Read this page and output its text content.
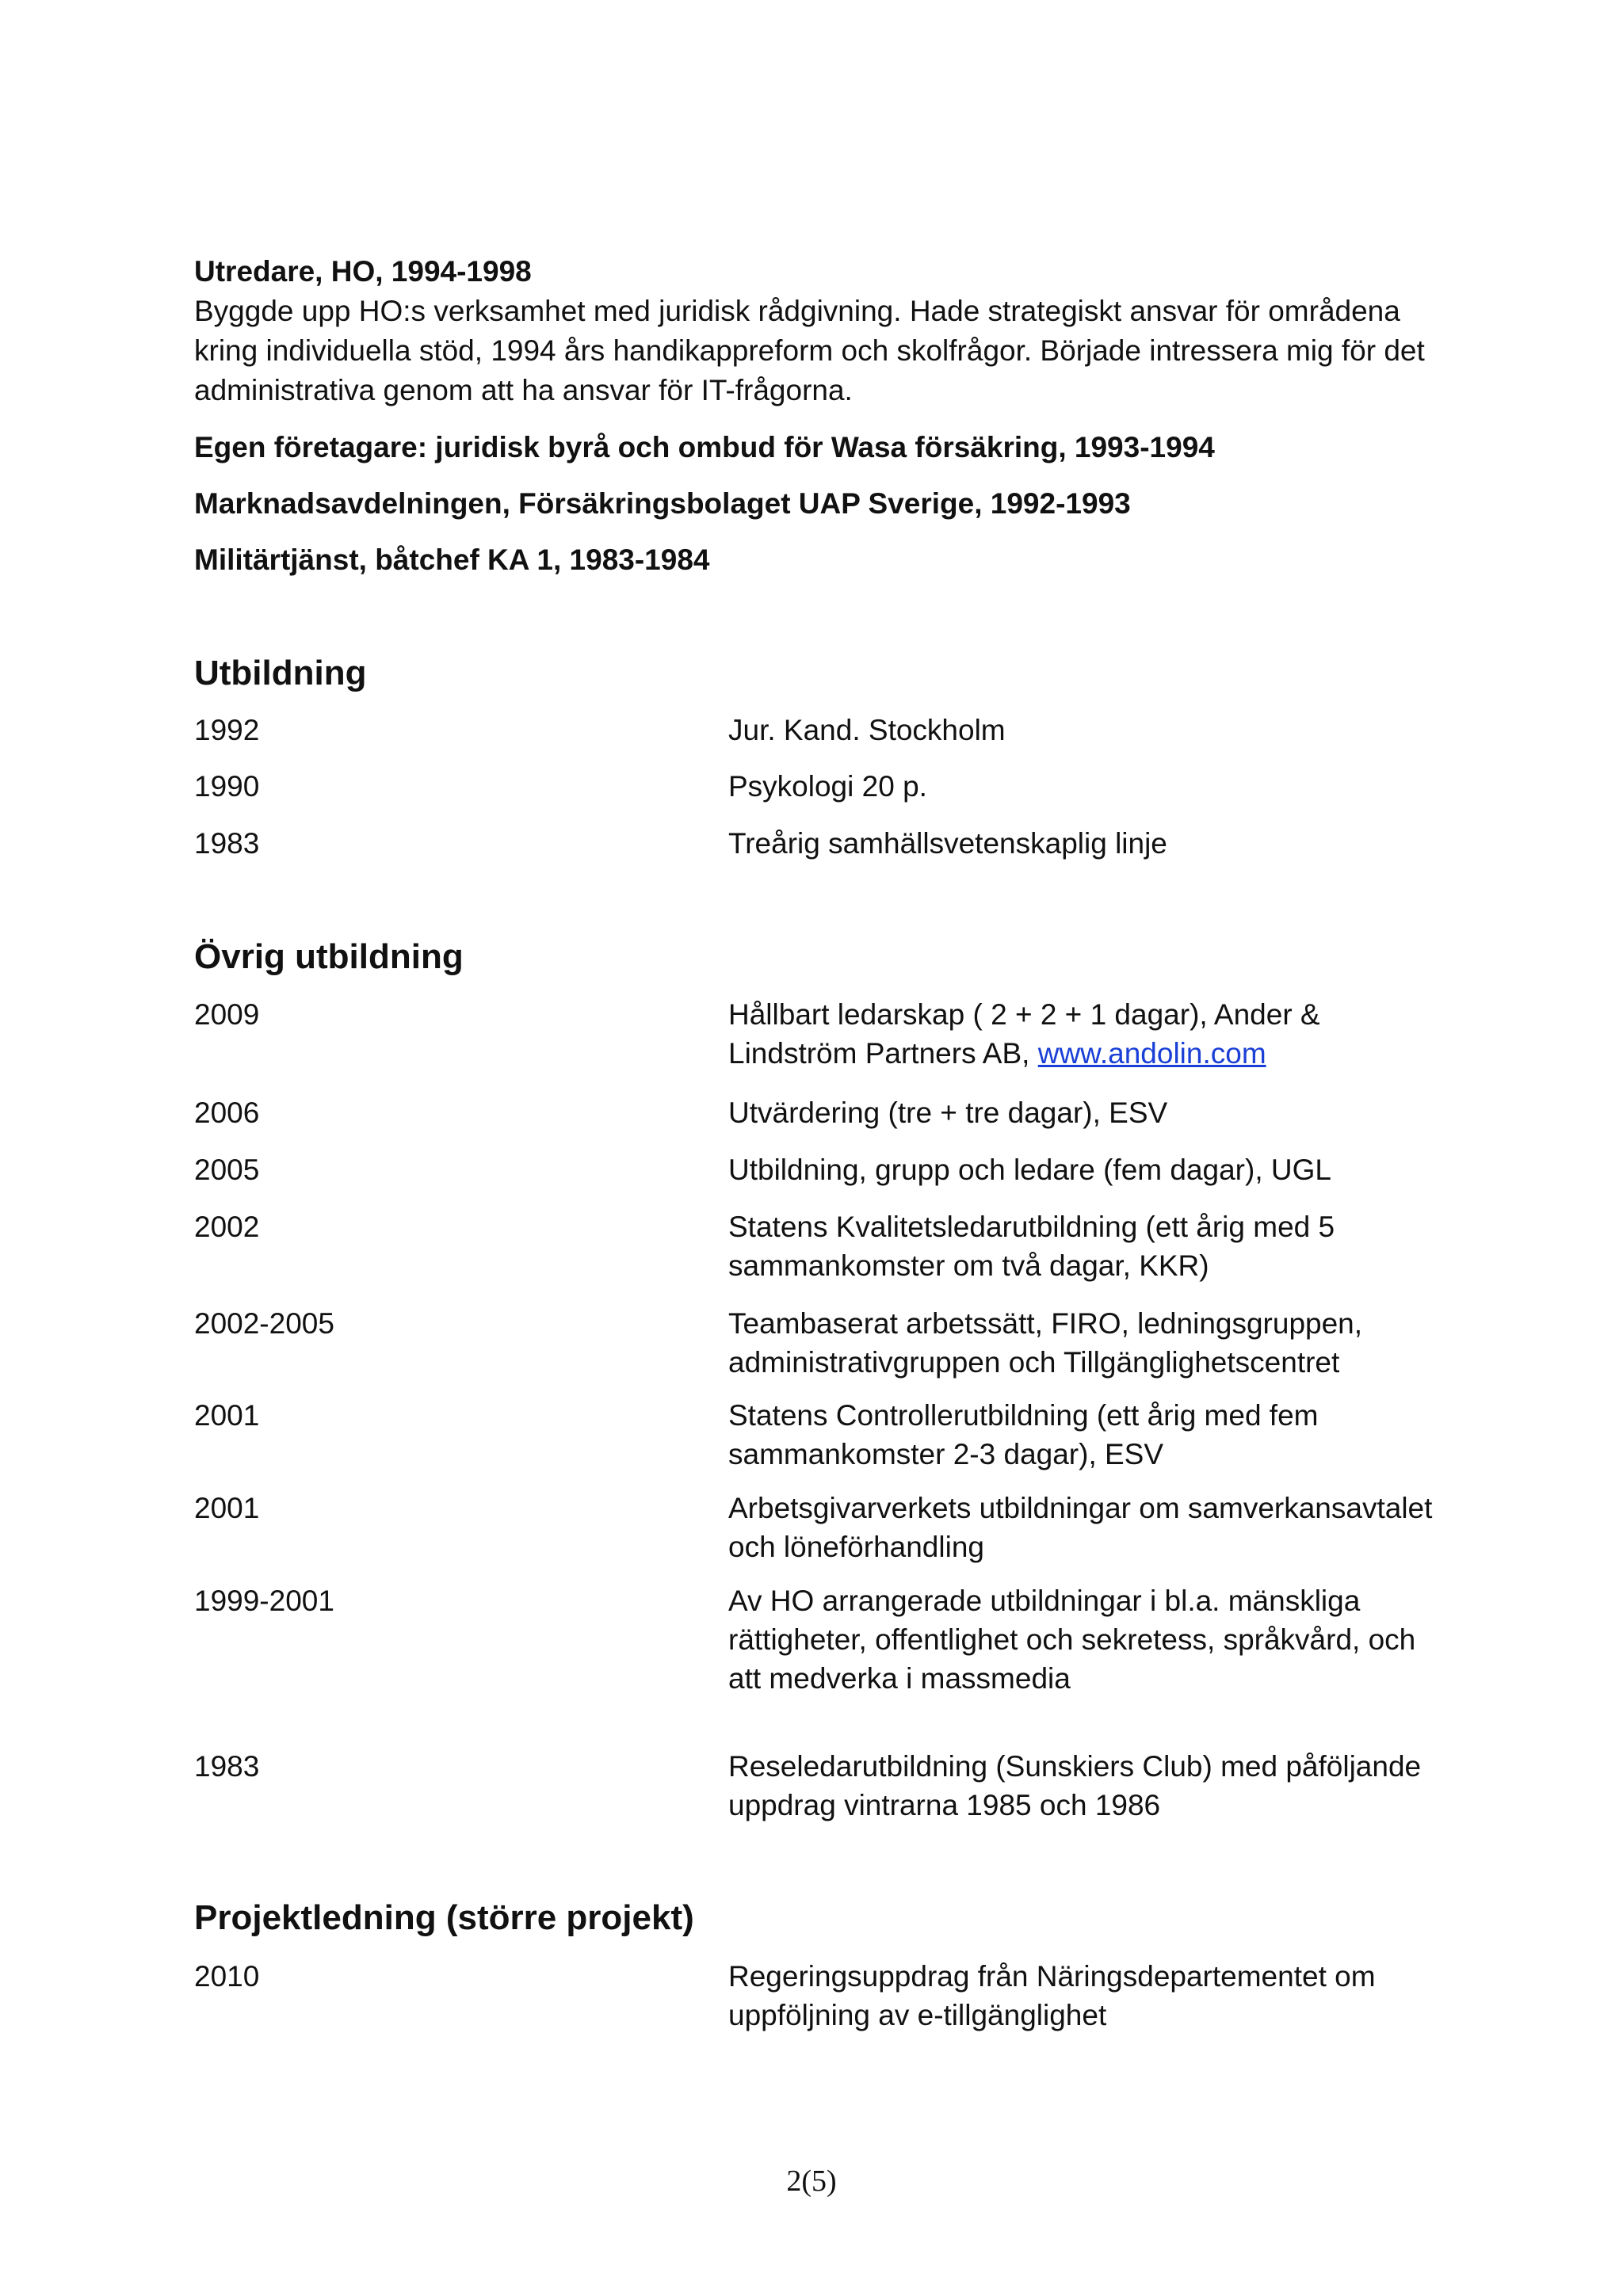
Utredare, HO, 1994-1998

Byggde upp HO:s verksamhet med juridisk rådgivning. Hade strategiskt ansvar för områdena kring individuella stöd, 1994 års handikappreform och skolfrågor. Började intressera mig för det administrativa genom att ha ansvar för IT-frågorna.

Egen företagare: juridisk byrå och ombud för Wasa försäkring, 1993-1994

Marknadsavdelningen, Försäkringsbolaget UAP Sverige, 1992-1993

Militärtjänst, båtchef KA 1, 1983-1984

Utbildning
1992	Jur. Kand. Stockholm
1990	Psykologi 20 p.
1983	Treårig samhällsvetenskaplig linje
Övrig utbildning
2009	Hållbart ledarskap ( 2 + 2 + 1 dagar), Ander & Lindström Partners AB, www.andolin.com
2006	Utvärdering (tre + tre dagar), ESV
2005	Utbildning, grupp och ledare (fem dagar), UGL
2002	Statens Kvalitetsledarutbildning (ett årig med 5 sammankomster om två dagar, KKR)
2002-2005	Teambaserat arbetssätt, FIRO, ledningsgruppen, administrativgruppen och Tillgänglighetscentret
2001	Statens Controllerutbildning (ett årig med fem sammankomster 2-3 dagar), ESV
2001	Arbetsgivarverkets utbildningar om samverkansavtalet och löneförhandling
1999-2001	Av HO arrangerade utbildningar i bl.a. mänskliga rättigheter, offentlighet och sekretess, språkvård, och att medverka i massmedia
1983	Reseledarutbildning (Sunskiers Club) med påföljande uppdrag vintrarna 1985 och 1986
Projektledning (större projekt)
2010	Regeringsuppdrag från Näringsdepartementet om uppföljning av e-tillgänglighet
2(5)
